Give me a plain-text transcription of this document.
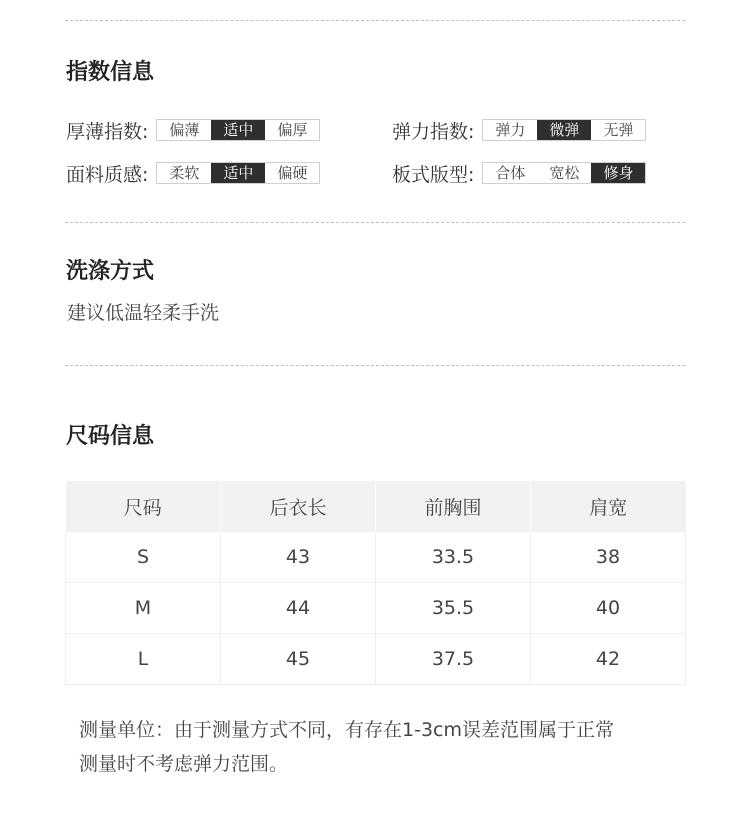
指数信息
厚薄指数:	偏薄	适中	偏厚	弹力指数:	弹力	微弹	无弹
面料质感:	柔软	适中	偏硬	板式版型:	合体	宽松	修身
洗涤方式

建议低温轻柔手洗

尺码信息
尺码	后衣长	前胸围	肩宽
S	43	33.5	38
M	44	35.5	40
L	45	37.5	42

测量单位：由于测量方式不同，有存在1-3cm误差范围属于正常
测量时不考虑弹力范围。
